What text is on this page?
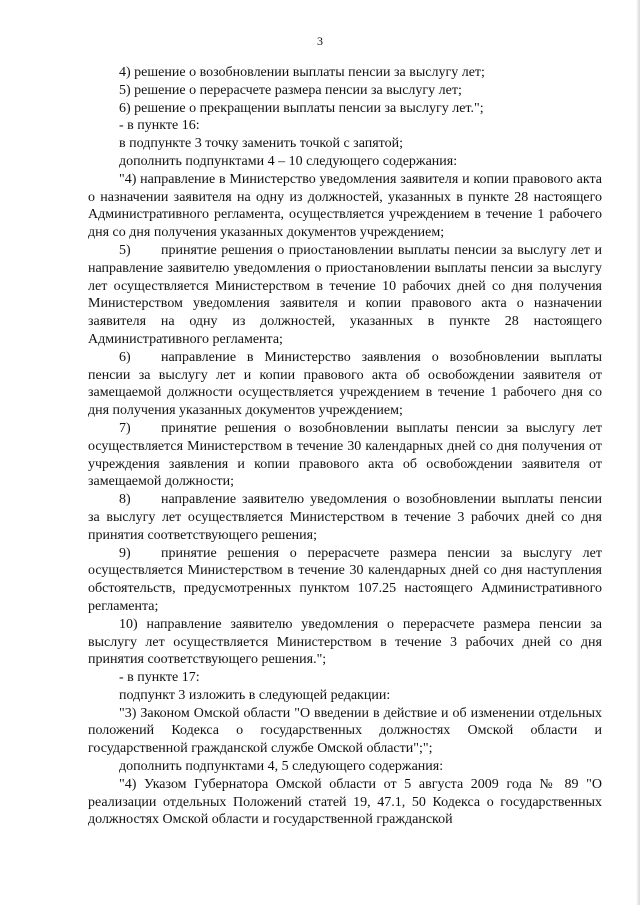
3

4) решение о возобновлении выплаты пенсии за выслугу лет;

5) решение о перерасчете размера пенсии за выслугу лет;

6) решение о прекращении выплаты пенсии за выслугу лет.";

- в пункте 16:

в подпункте 3 точку заменить точкой с запятой;

дополнить подпунктами 4 – 10 следующего содержания:

"4) направление в Министерство уведомления заявителя и копии правового акта о назначении заявителя на одну из должностей, указанных в пункте 28 настоящего Административного регламента, осуществляется учреждением в течение 1 рабочего дня со дня получения указанных документов учреждением;

5) принятие решения о приостановлении выплаты пенсии за выслугу лет и направление заявителю уведомления о приостановлении выплаты пенсии за выслугу лет осуществляется Министерством в течение 10 рабочих дней со дня получения Министерством уведомления заявителя и копии правового акта о назначении заявителя на одну из должностей, указанных в пункте 28 настоящего Административного регламента;

6) направление в Министерство заявления о возобновлении выплаты пенсии за выслугу лет и копии правового акта об освобождении заявителя от замещаемой должности осуществляется учреждением в течение 1 рабочего дня со дня получения указанных документов учреждением;

7) принятие решения о возобновлении выплаты пенсии за выслугу лет осуществляется Министерством в течение 30 календарных дней со дня получения от учреждения заявления и копии правового акта об освобождении заявителя от замещаемой должности;

8) направление заявителю уведомления о возобновлении выплаты пенсии за выслугу лет осуществляется Министерством в течение 3 рабочих дней со дня принятия соответствующего решения;

9) принятие решения о перерасчете размера пенсии за выслугу лет осуществляется Министерством в течение 30 календарных дней со дня наступления обстоятельств, предусмотренных пунктом 107.25 настоящего Административного регламента;

10) направление заявителю уведомления о перерасчете размера пенсии за выслугу лет осуществляется Министерством в течение 3 рабочих дней со дня принятия соответствующего решения.";

- в пункте 17:

подпункт 3 изложить в следующей редакции:

"3) Законом Омской области "О введении в действие и об изменении отдельных положений Кодекса о государственных должностях Омской области и государственной гражданской службе Омской области";";

дополнить подпунктами 4, 5 следующего содержания:

"4) Указом Губернатора Омской области от 5 августа 2009 года № 89 "О реализации отдельных Положений статей 19, 47.1, 50 Кодекса о государственных должностях Омской области и государственной гражданской
